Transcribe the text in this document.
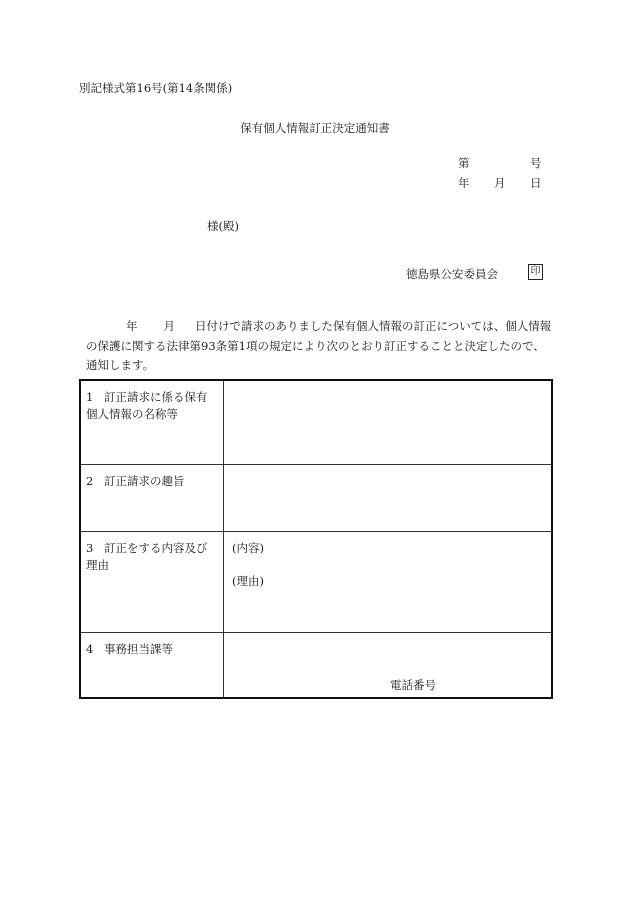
別記様式第16号(第14条関係)
保有個人情報訂正決定通知書
第	号
年 月 日
様(殿)
徳島県公安委員会	印
年 月 日付けで請求のありました保有個人情報の訂正については、個人情報の保護に関する法律第93条第1項の規定により次のとおり訂正することと決定したので、通知します。
1 訂正請求に係る保有個人情報の名称等	
2 訂正請求の趣旨	
3 訂正をする内容及び理由	(内容)
(理由)

4 事務担当課等	電話番号
